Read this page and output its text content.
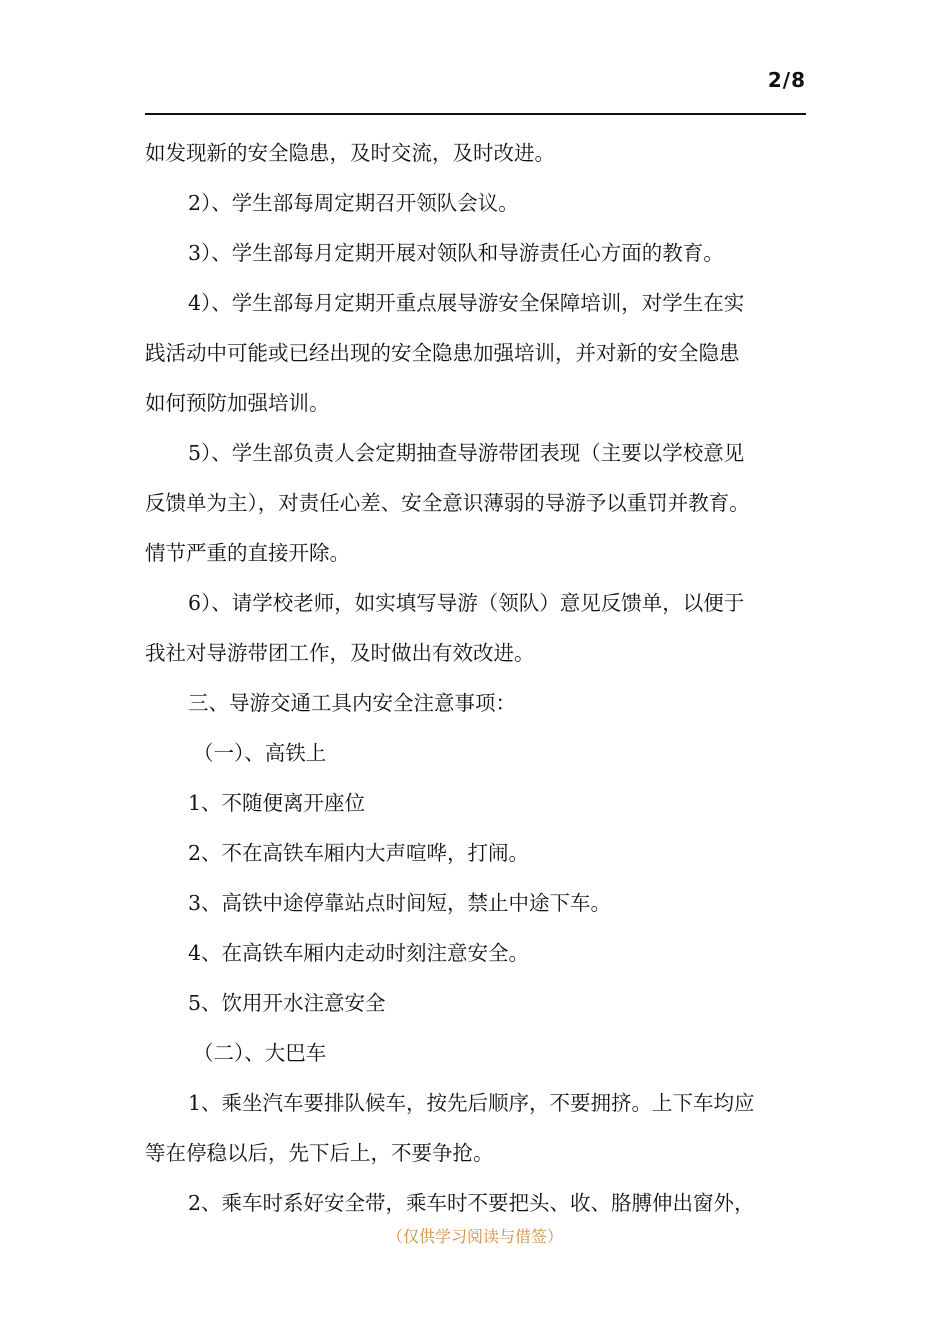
2/8
如发现新的安全隐患，及时交流，及时改进。
2）、学生部每周定期召开领队会议。
3）、学生部每月定期开展对领队和导游责任心方面的教育。
4）、学生部每月定期开重点展导游安全保障培训，对学生在实
践活动中可能或已经出现的安全隐患加强培训，并对新的安全隐患
如何预防加强培训。
5）、学生部负责人会定期抽查导游带团表现（主要以学校意见
反馈单为主），对责任心差、安全意识薄弱的导游予以重罚并教育。
情节严重的直接开除。
6）、请学校老师，如实填写导游（领队）意见反馈单，以便于
我社对导游带团工作，及时做出有效改进。
三、导游交通工具内安全注意事项：
（一）、高铁上
1、不随便离开座位
2、不在高铁车厢内大声喧哗，打闹。
3、高铁中途停靠站点时间短，禁止中途下车。
4、在高铁车厢内走动时刻注意安全。
5、饮用开水注意安全
（二）、大巴车
1、乘坐汽车要排队候车，按先后顺序，不要拥挤。上下车均应
等在停稳以后，先下后上，不要争抢。
2、乘车时系好安全带，乘车时不要把头、收、胳膊伸出窗外，
（仅供学习阅读与借签）
